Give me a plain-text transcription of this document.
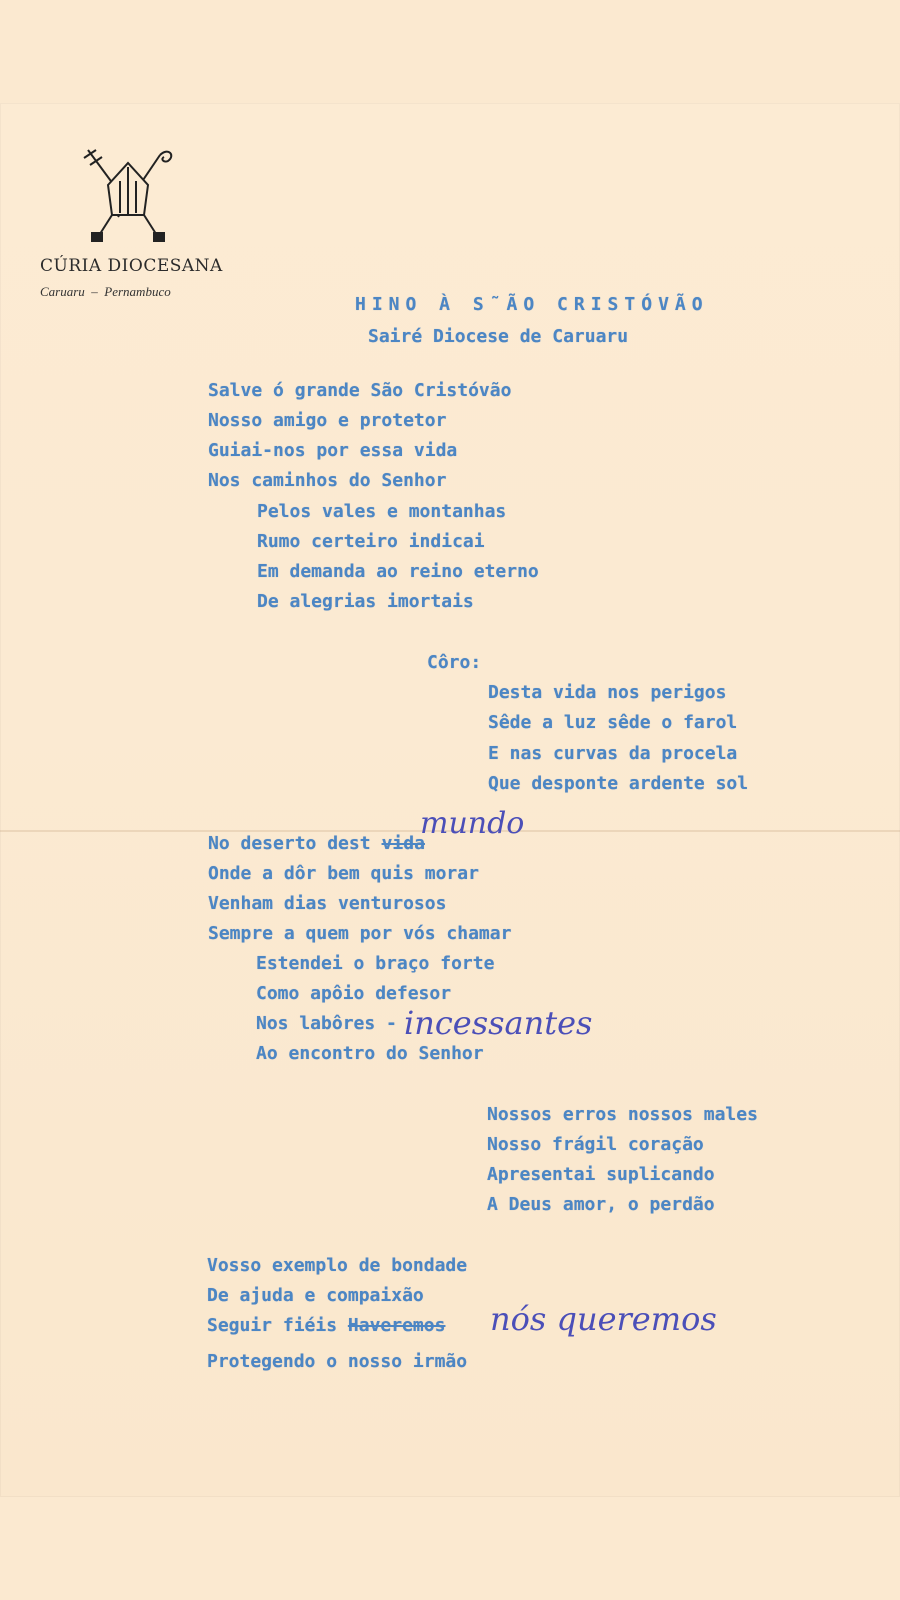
CÚRIA DIOCESANA
Caruaru  –  Pernambuco
HINO À S˜ÃO CRISTÓVÃO
Sairé Diocese de Caruaru
Salve ó grande São Cristóvão
Nosso amigo e protetor
Guiai-nos por essa vida
Nos caminhos do Senhor
Pelos vales e montanhas
Rumo certeiro indicai
Em demanda ao reino eterno
De alegrias imortais
Côro:
Desta vida nos perigos
Sêde a luz sêde o farol
E nas curvas da procela
Que desponte ardente sol
No deserto dest vida
mundo
Onde a dôr bem quis morar
Venham dias venturosos
Sempre a quem por vós chamar
Estendei o braço forte
Como apôio defesor
Nos labôres - incessantes
Ao encontro do Senhor
Nossos erros nossos males
Nosso frágil coração
Apresentai suplicando
A Deus amor, o perdão
Vosso exemplo de bondade
De ajuda e compaixão
Seguir fiéis Haveremos nós queremos
Protegendo o nosso irmão
